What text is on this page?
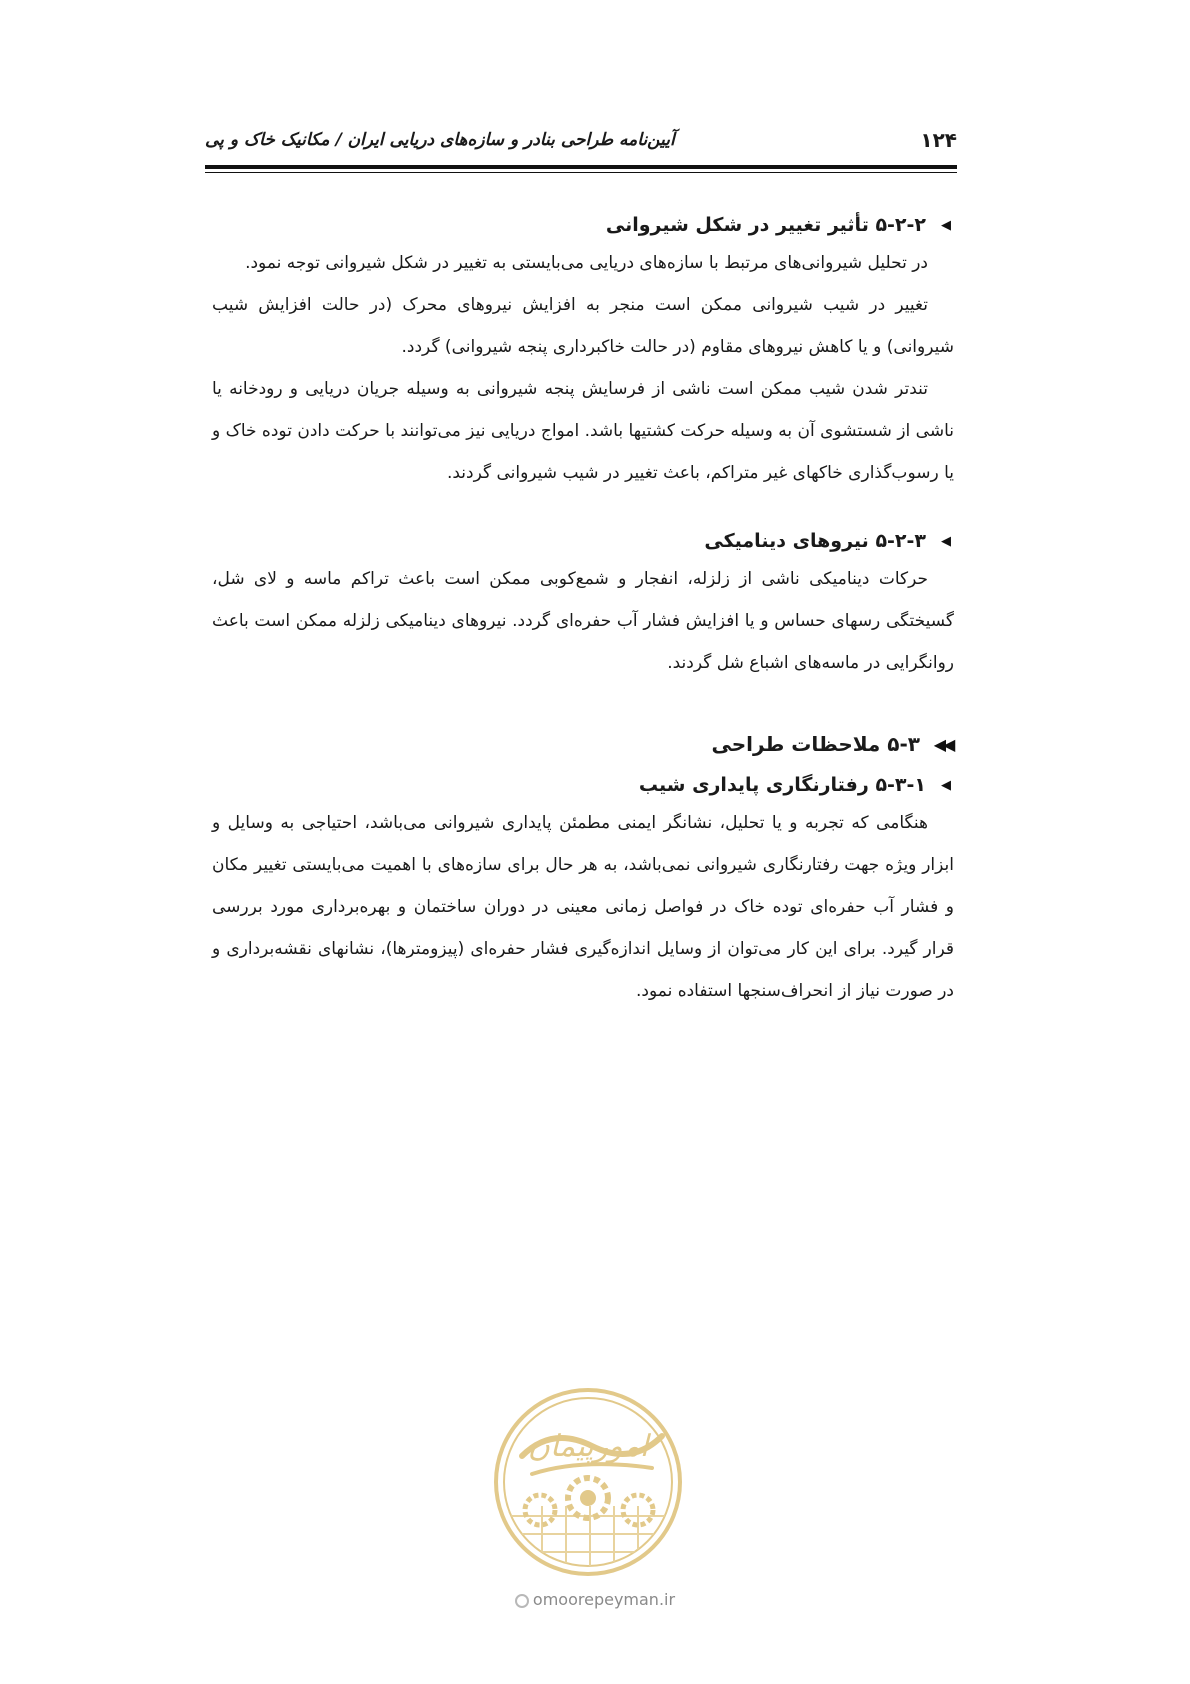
۱۲۴
آیین‌نامه طراحی بنادر و سازه‌های دریایی ایران / مکانیک خاک و پی
◀
۵-۲-۲ تأثیر تغییر در شکل شیروانی

در تحلیل شیروانی‌های مرتبط با سازه‌های دریایی می‌بایستی به تغییر در شکل شیروانی توجه نمود.

تغییر در شیب شیروانی ممکن است منجر به افزایش نیروهای محرک (در حالت افزایش شیب شیروانی) و یا کاهش نیروهای مقاوم (در حالت خاکبرداری پنجه شیروانی) گردد.

تندتر شدن شیب ممکن است ناشی از فرسایش پنجه شیروانی به وسیله جریان دریایی و رودخانه یا ناشی از شستشوی آن به وسیله حرکت کشتیها باشد. امواج دریایی نیز می‌توانند با حرکت دادن توده خاک و یا رسوب‌گذاری خاکهای غیر متراکم، باعث تغییر در شیب شیروانی گردند.

◀
۵-۲-۳ نیروهای دینامیکی

حرکات دینامیکی ناشی از زلزله، انفجار و شمع‌کوبی ممکن است باعث تراکم ماسه و لای شل، گسیختگی رسهای حساس و یا افزایش فشار آب حفره‌ای گردد. نیروهای دینامیکی زلزله ممکن است باعث روانگرایی در ماسه‌های اشباع شل گردند.

◀◀
۵-۳ ملاحظات طراحی
◀
۵-۳-۱ رفتارنگاری پایداری شیب

هنگامی که تجربه و یا تحلیل، نشانگر ایمنی مطمئن پایداری شیروانی می‌باشد، احتیاجی به وسایل و ابزار ویژه جهت رفتارنگاری شیروانی نمی‌باشد، به هر حال برای سازه‌های با اهمیت می‌بایستی تغییر مکان و فشار آب حفره‌ای توده خاک در فواصل زمانی معینی در دوران ساختمان و بهره‌برداری مورد بررسی قرار گیرد. برای این کار می‌توان از وسایل اندازه‌گیری فشار حفره‌ای (پیزومترها)، نشانهای نقشه‌برداری و در صورت نیاز از انحراف‌سنجها استفاده نمود.

امورپیمان
omoorepeyman.ir
